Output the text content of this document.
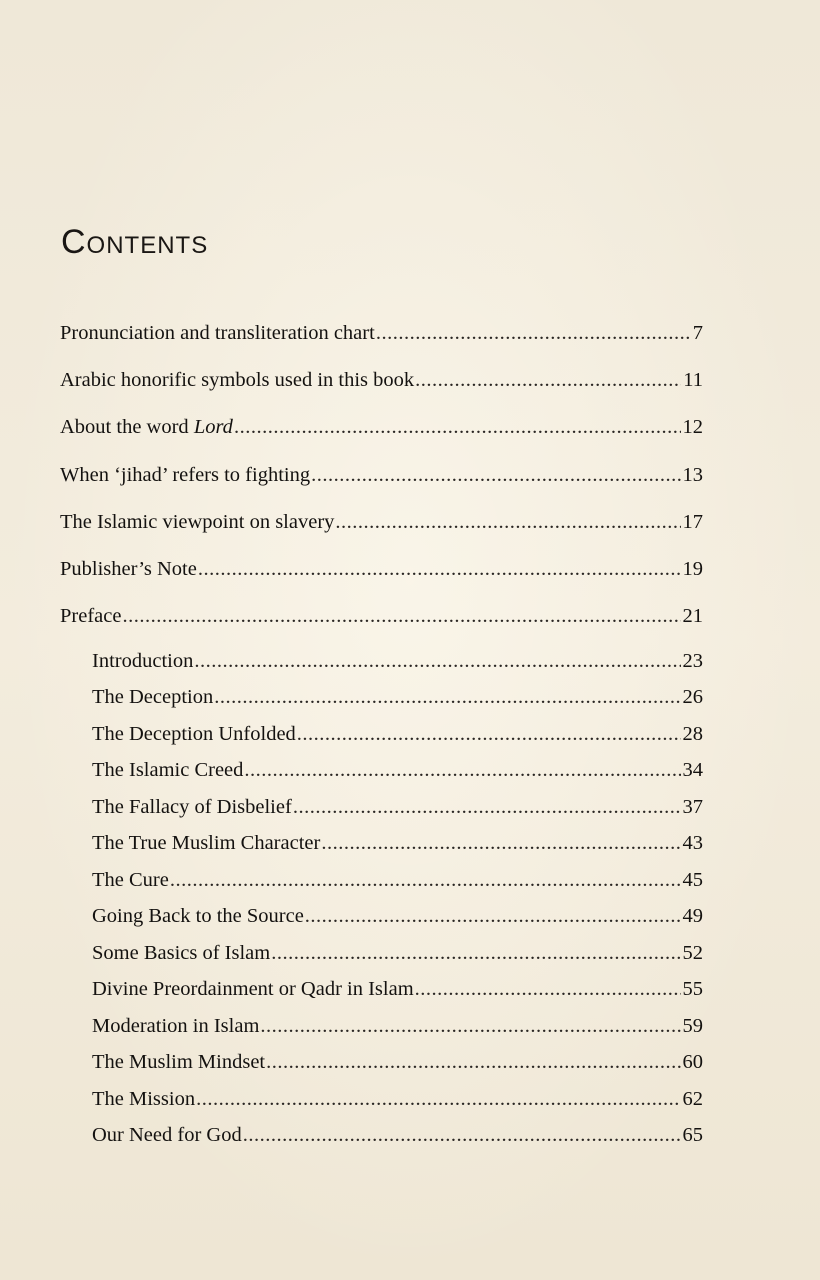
Contents
Pronunciation and transliteration chart .....	7
Arabic honorific symbols used in this book .....	11
About the word Lord .....	12
When ‘jihad’ refers to fighting .....	13
The Islamic viewpoint on slavery .....	17
Publisher’s Note .....	19
Preface .....	21
Introduction .....	23
The Deception .....	26
The Deception Unfolded .....	28
The Islamic Creed .....	34
The Fallacy of Disbelief .....	37
The True Muslim Character .....	43
The Cure .....	45
Going Back to the Source .....	49
Some Basics of Islam .....	52
Divine Preordainment or Qadr in Islam .....	55
Moderation in Islam .....	59
The Muslim Mindset .....	60
The Mission .....	62
Our Need for God .....	65
